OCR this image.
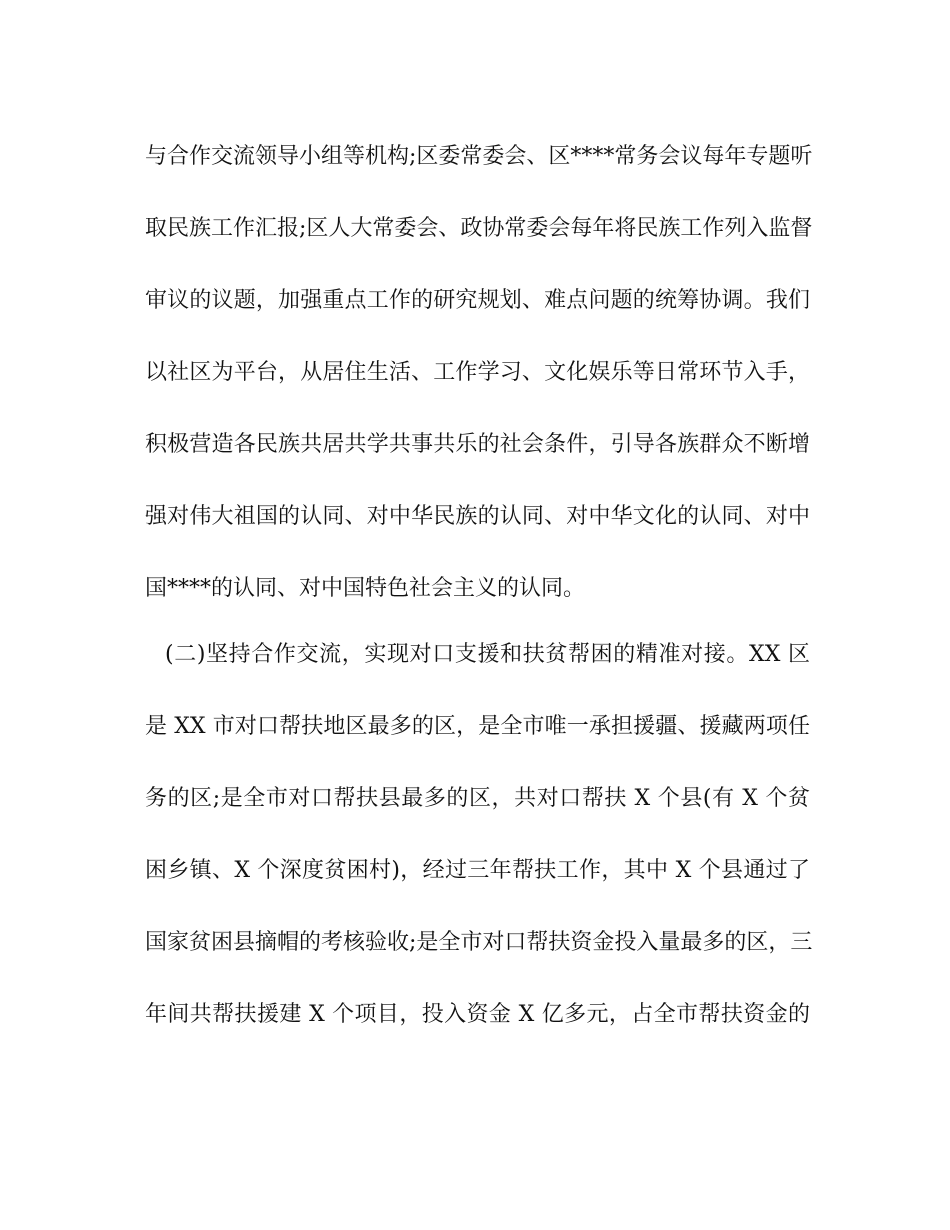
与合作交流领导小组等机构;区委常委会、区****常务会议每年专题听
取民族工作汇报;区人大常委会、政协常委会每年将民族工作列入监督
审议的议题，加强重点工作的研究规划、难点问题的统筹协调。我们
以社区为平台，从居住生活、工作学习、文化娱乐等日常环节入手，
积极营造各民族共居共学共事共乐的社会条件，引导各族群众不断增
强对伟大祖国的认同、对中华民族的认同、对中华文化的认同、对中
国****的认同、对中国特色社会主义的认同。
(二)坚持合作交流，实现对口支援和扶贫帮困的精准对接。XX 区
是 XX 市对口帮扶地区最多的区，是全市唯一承担援疆、援藏两项任
务的区;是全市对口帮扶县最多的区，共对口帮扶 X 个县(有 X 个贫
困乡镇、X 个深度贫困村)，经过三年帮扶工作，其中 X 个县通过了
国家贫困县摘帽的考核验收;是全市对口帮扶资金投入量最多的区，三
年间共帮扶援建 X 个项目，投入资金 X 亿多元，占全市帮扶资金的
